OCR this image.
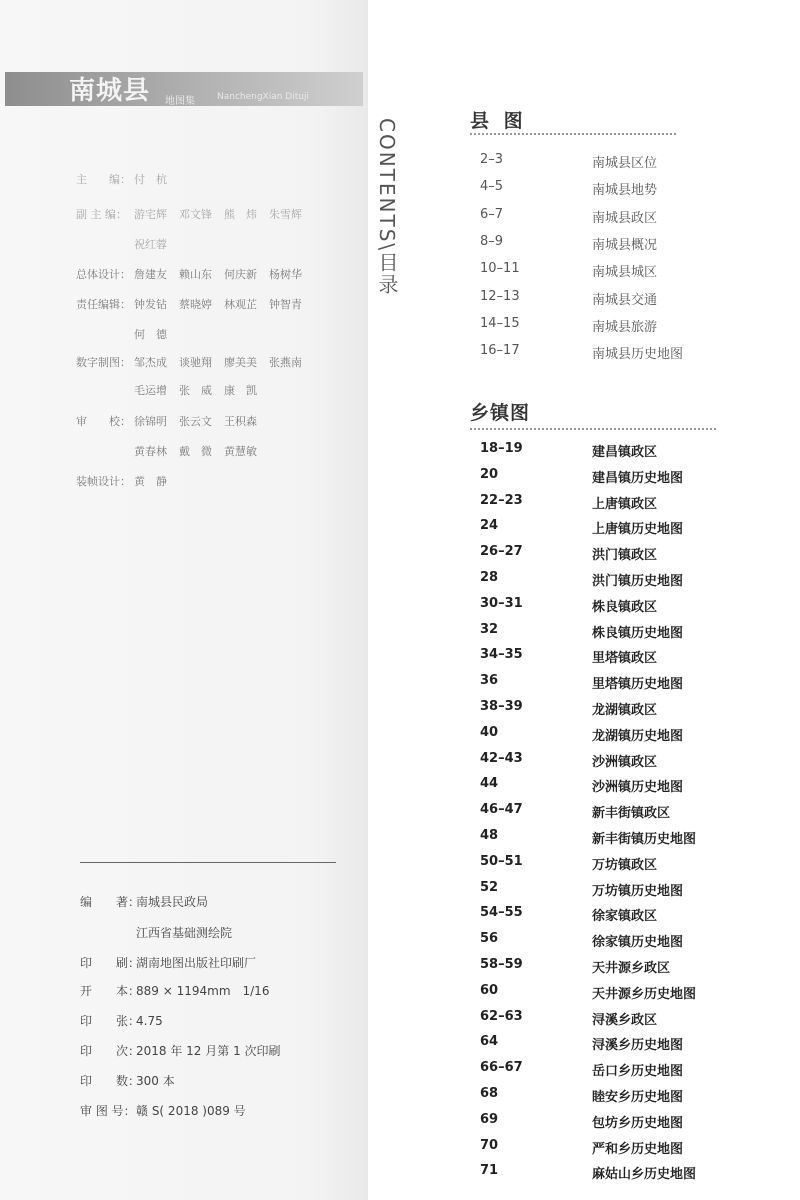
南城县 地图集 NanchengXian Dituji
主　　编： 付　杭
副 主 编： 游宅辉 邓文锋 熊　炜 朱雪辉
祝红蓉
总体设计： 詹建友 赖山东 何庆新 杨树华
责任编辑： 钟发钻 蔡晓婷 林观芷 钟智青
何　德
数字制图： 邹杰成 谈驰翔 廖美美 张燕南
毛运增 张　威 康　凯
审　　校： 徐锦明 张云文 王积森
黄春林 戴　微 黄慧敏
装帧设计： 黄　静
编　　著：南城县民政局
江西省基础测绘院
印　　刷：湖南地图出版社印刷厂
开　　本：889 × 1194mm　1/16
印　　张：4.75
印　　次：2018 年 12 月第 1 次印刷
印　　数：300 本
审 图 号：赣 S( 2018 )089 号
CONTENTS\目录	县 图
2–3	南城县区位
4–5	南城县地势
6–7	南城县政区
8–9	南城县概况
10–11	南城县城区
12–13	南城县交通
14–15	南城县旅游
16–17	南城县历史地图
乡镇图
18–19	建昌镇政区
20	建昌镇历史地图
22–23	上唐镇政区
24	上唐镇历史地图
26–27	洪门镇政区
28	洪门镇历史地图
30–31	株良镇政区
32	株良镇历史地图
34–35	里塔镇政区
36	里塔镇历史地图
38–39	龙湖镇政区
40	龙湖镇历史地图
42–43	沙洲镇政区
44	沙洲镇历史地图
46–47	新丰街镇政区
48	新丰街镇历史地图
50–51	万坊镇政区
52	万坊镇历史地图
54–55	徐家镇政区
56	徐家镇历史地图
58–59	天井源乡政区
60	天井源乡历史地图
62–63	浔溪乡政区
64	浔溪乡历史地图
66–67	岳口乡历史地图
68	睦安乡历史地图
69	包坊乡历史地图
70	严和乡历史地图
71	麻姑山乡历史地图
